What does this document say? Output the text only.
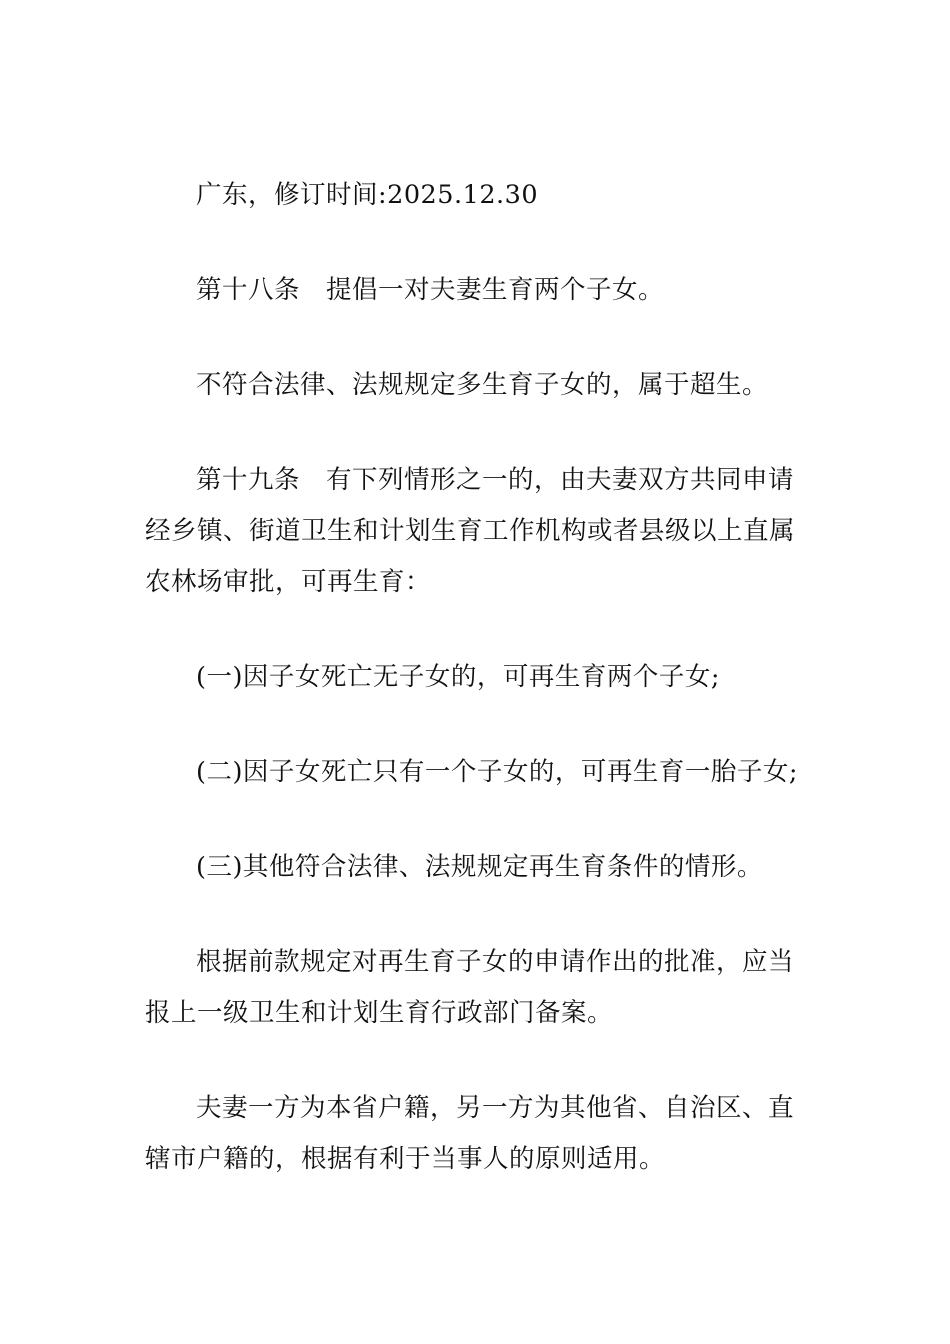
广东，修订时间:2025.12.30

第十八条 提倡一对夫妻生育两个子女。

不符合法律、法规规定多生育子女的，属于超生。

第十九条 有下列情形之一的，由夫妻双方共同申请经乡镇、街道卫生和计划生育工作机构或者县级以上直属农林场审批，可再生育：

(一)因子女死亡无子女的，可再生育两个子女;

(二)因子女死亡只有一个子女的，可再生育一胎子女;

(三)其他符合法律、法规规定再生育条件的情形。

根据前款规定对再生育子女的申请作出的批准，应当报上一级卫生和计划生育行政部门备案。

夫妻一方为本省户籍，另一方为其他省、自治区、直辖市户籍的，根据有利于当事人的原则适用。
